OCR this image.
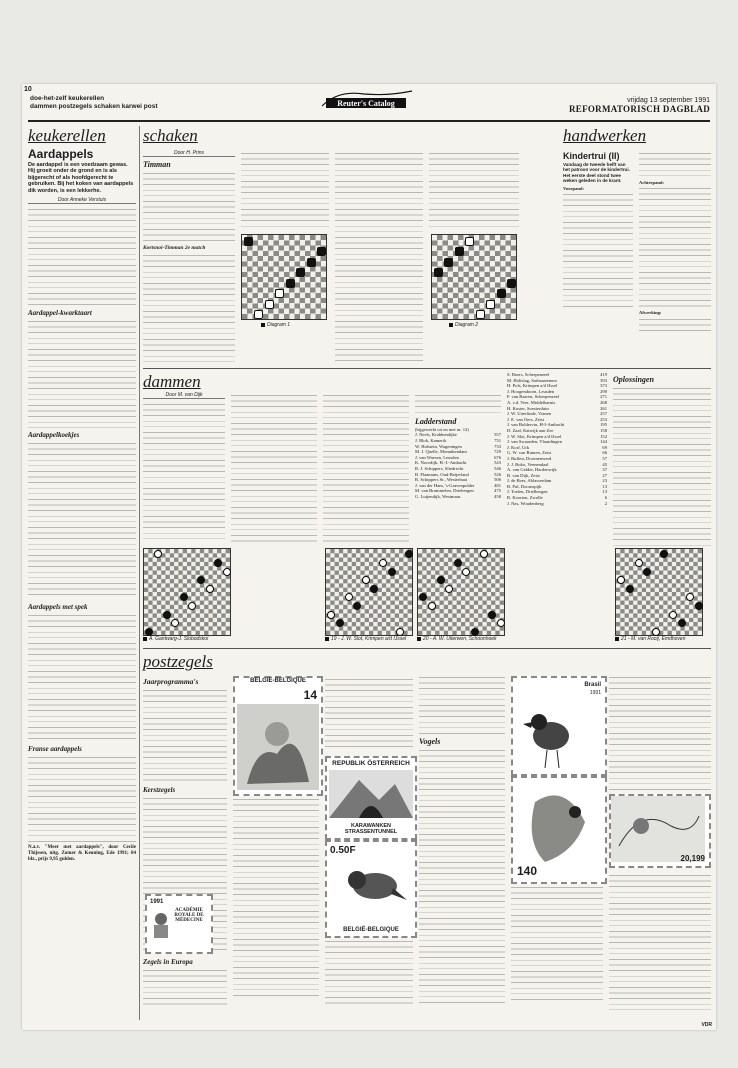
10
doe-het-zelf keukerellen
dammen postzegels schaken karwei post	Reuter's Catalog	vrijdag 13 september 1991
REFORMATORISCH DAGBLAD
keukerellen
Aardappels
De aardappel is een voedzaam gewas. Hij groeit onder de grond en is als bijgerecht of als hoofdgerecht te gebruiken. Bij het koken van aardappels dik worden, is een lekkerhe.
Door Anneke Verstuis
Aardappel-kwarktaart
Aardappelkoekjes
Aardappels met spek
Franse aardappels
N.a.v. "Meer met aardappels", door Cecile Thijssen, uitg. Zomer & Keuning, Ede 1991; 84 blz., prijs 9,95 gulden.
schaken
Door H. Prins
Timman
Kortsnoi-Timman 2e match
Diagram 1	Diagram 2
handwerken
Kindertrui (II)
Vandaag de tweede helft van het patroon voor de kindertrui. Het eerste deel stond twee weken geleden in de krant.
Voorpand:
Achterpand:
Afwerking:
dammen
Door M. van Dijk
Ladderstand
(bijgewerkt tot en met nr. 12)
J. Neels, Krabbendijke	557
J. Blok, Kamerik	751
W. Hulstein, Wageningen	733
M. J. Quelle, Monnikendam	729
J. van Waesen, Leusden	676
K. Noordijk, H.-I.-Ambacht	543
R. J. Schippers, Sliedrecht	546
B. Flaamans, Oud-Beijerland	526
R. Schippers Sr., Westerbaai	506
J. van der Ham, 's-Gravenpolder	481
M. van Brummelen, Driebergen	475
G. Luijendijk, Westmaas	458
S. Boers, Scherpenzeel	419
M. Holtslag, Sarhaastemen	393
H. Pols, Krimpen a/d IJssel	373
J. Hoogendoorn, Leusden	290
F. van Baaren, Scherpenzeel	271
A. v.d. Veer, Middelharnis	268
H. Koster, Soesterduin	261
J. W. Uiterlinde, Vianen	257
J. E. van Oers, Zeist	253
J. van Boldervin, H-I-Ambacht	195
D. Zaal, Katwijk aan Zee	158
J. W. Slot, Krimpen a/d IJssel	152
J. van Swaarden, Vlaardingen	144
J. Korf, Urk	69
G. W. van Rumen, Zeist	66
J. Ruffen, Doornenwerd	57
J. J. Boko, Veenendaal	45
A. van Gelder, Hardenwijk	37
B. van Dijk, Zeist	27
J. de Boer, Ablasserdam	23
B. Pul, Doornspijk	13
J. Toelen, Drielbergen	13
R. Koorten, Zwolle	6
J. Nas, Woudenberg	2
Oplossingen
A. Gantwarg-J. Slobodskoi	19 - J. W. Slot, Krimpen a/d IJssel	20 - A. W. Uiterwen, Schoonhoek	21 - M. van Rooij, Emdhoven
postzegels
Jaarprogramma's
Kerstzegels
Zegels in Europa
BELGIË-BELGIQUE
14
REPUBLIK ÖSTERREICH
KARAWANKEN STRASSENTUNNEL
0.50F
BELGIË-BELGIQUE
Vogels
Brasil
1991
140
20,199
1991
ACADÉMIE ROYALE DE MÉDECINE
VDR
